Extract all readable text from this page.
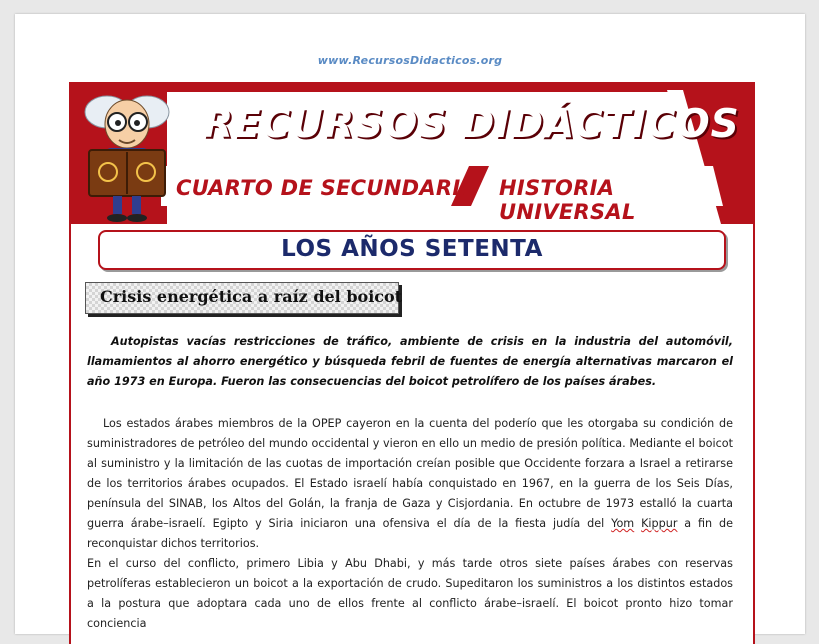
www.RecursosDidacticos.org
RECURSOS DIDÁCTICOS
CUARTO DE SECUNDARIA HISTORIA UNIVERSAL
LOS AÑOS SETENTA
Crisis energética a raíz del boicot

Autopistas vacías restricciones de tráfico, ambiente de crisis en la industria del automóvil, llamamientos al ahorro energético y búsqueda febril de fuentes de energía alternativas marcaron el año 1973 en Europa. Fueron las consecuencias del boicot petrolífero de los países árabes.

Los estados árabes miembros de la OPEP cayeron en la cuenta del poderío que les otorgaba su condición de suministradores de petróleo del mundo occidental y vieron en ello un medio de presión política. Mediante el boicot al suministro y la limitación de las cuotas de importación creían posible que Occidente forzara a Israel a retirarse de los territorios árabes ocupados. El Estado israelí había conquistado en 1967, en la guerra de los Seis Días, península del SINAB, los Altos del Golán, la franja de Gaza y Cisjordania. En octubre de 1973 estalló la cuarta guerra árabe–israelí. Egipto y Siria iniciaron una ofensiva el día de la fiesta judía del Yom Kippur a fin de reconquistar dichos territorios.

En el curso del conflicto, primero Libia y Abu Dhabi, y más tarde otros siete países árabes con reservas petrolíferas establecieron un boicot a la exportación de crudo. Supeditaron los suministros a los distintos estados a la postura que adoptara cada uno de ellos frente al conflicto árabe–israelí. El boicot pronto hizo tomar conciencia
